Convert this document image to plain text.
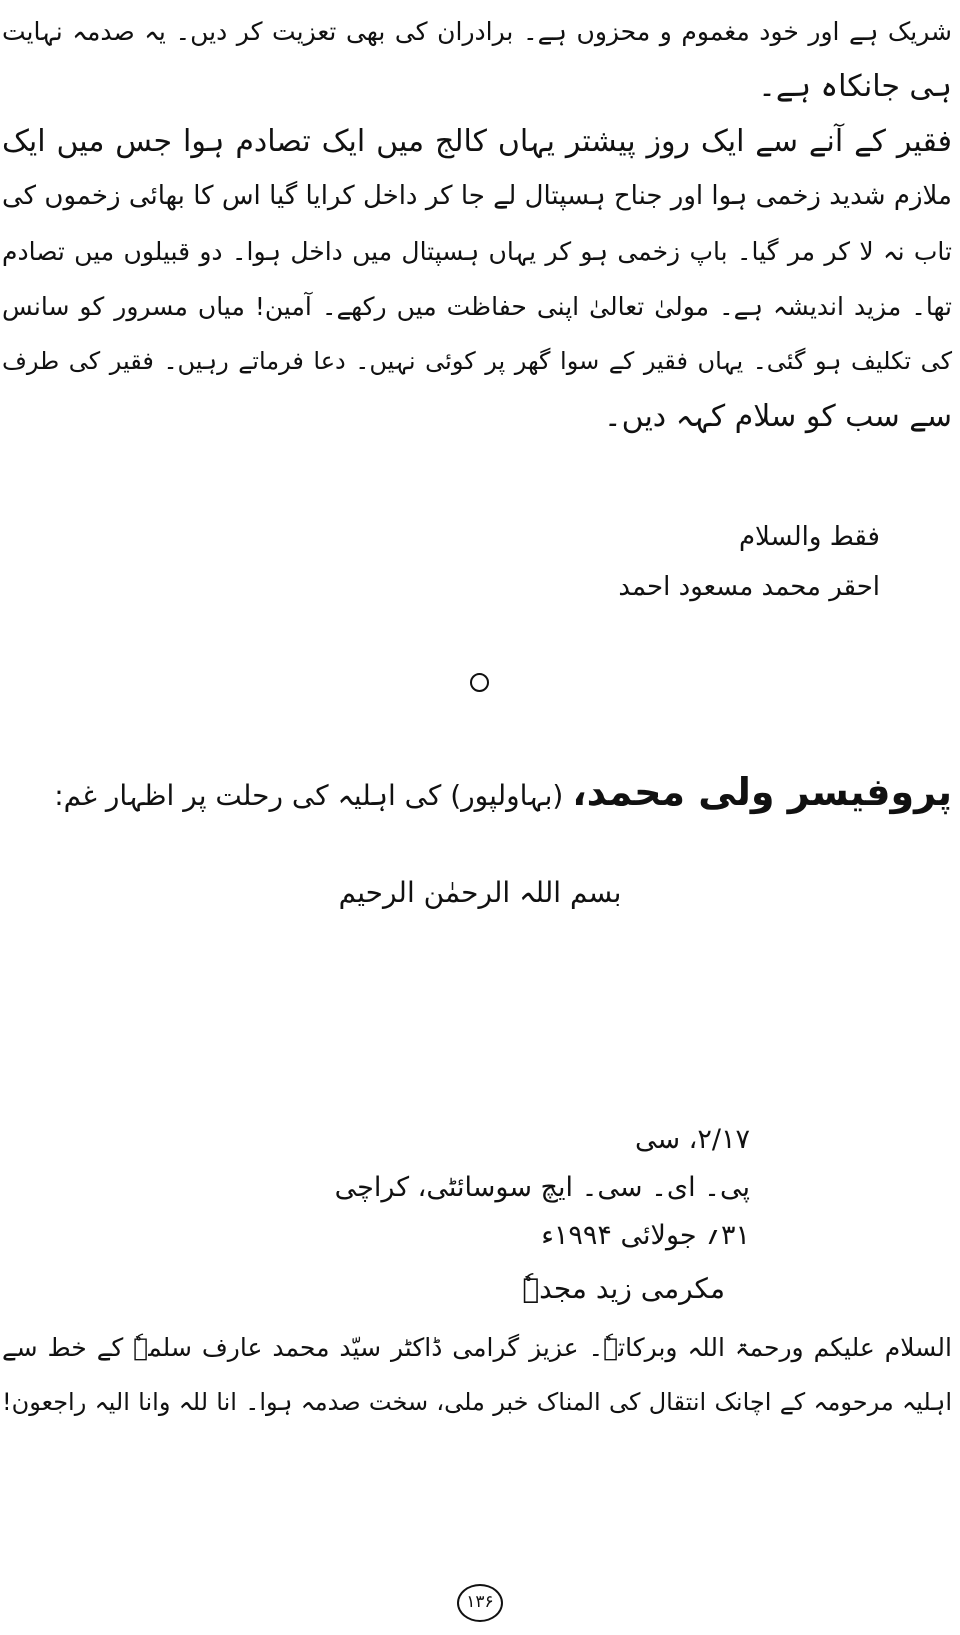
شریک ہے اور خود مغموم و محزوں ہے۔ برادران کی بھی تعزیت کر دیں۔ یہ صدمہ نہایت
ہی جانکاہ ہے۔
فقیر کے آنے سے ایک روز پیشتر یہاں کالج میں ایک تصادم ہوا جس میں ایک
ملازم شدید زخمی ہوا اور جناح ہسپتال لے جا کر داخل کرایا گیا اس کا بھائی زخموں کی
تاب نہ لا کر مر گیا۔ باپ زخمی ہو کر یہاں ہسپتال میں داخل ہوا۔ دو قبیلوں میں تصادم
تھا۔ مزید اندیشہ ہے۔ مولیٰ تعالیٰ اپنی حفاظت میں رکھے۔ آمین! میاں مسرور کو سانس
کی تکلیف ہو گئی۔ یہاں فقیر کے سوا گھر پر کوئی نہیں۔ دعا فرماتے رہیں۔ فقیر کی طرف
سے سب کو سلام کہہ دیں۔
فقط والسلام
احقر محمد مسعود احمد
پروفیسر ولی محمد، (بہاولپور) کی اہلیہ کی رحلت پر اظہار غم:
بسم اللہ الرحمٰن الرحیم
۲/۱۷، سی
پی۔ ای۔ سی۔ ایچ سوسائٹی، کراچی
۳۱؍ جولائی ۱۹۹۴ء
مکرمی زید مجدہٗ
السلام علیکم ورحمۃ اللہ وبرکاتہٗ۔ عزیز گرامی ڈاکٹر سیّد محمد عارف سلمہٗ کے خط سے
اہلیہ مرحومہ کے اچانک انتقال کی المناک خبر ملی، سخت صدمہ ہوا۔ انا للہ وانا الیہ راجعون!
۱۳۶
